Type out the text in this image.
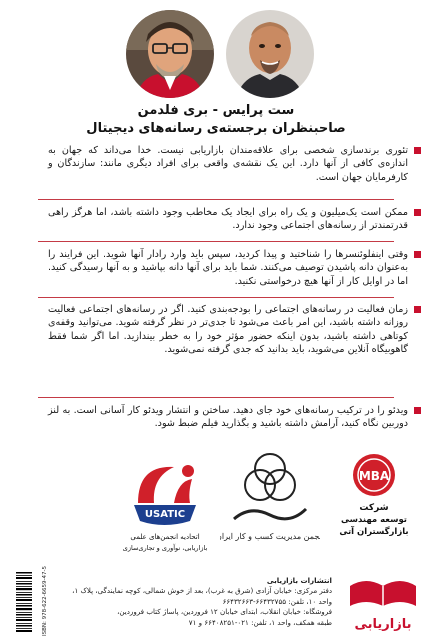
ست پرایس - بری فلدمن
صاحبنظران برجسته‌ی رسانه‌های دیجیتال
تئوری برندسازی شخصی برای علاقه‌مندان بازاریابی نیست. خدا می‌داند که جهان به اندازه‌ی کافی از آنها دارد. این یک نقشه‌ی واقعی برای افراد دیگری مانند: سازندگان و کارفرمایان جهان است.
ممکن است یک‌میلیون و یک راه برای ایجاد یک مخاطب وجود داشته باشد، اما هرگز راهی قدرتمندتر از رسانه‌های اجتماعی وجود ندارد.
وقتی اینفلوئنسرها را شناختید و پیدا کردید، سپس باید وارد رادار آنها شوید. این فرایند را به‌عنوان دانه پاشیدن توصیف می‌کنند. شما باید برای آنها دانه بپاشید و به آنها رسیدگی کنید. اما در اوایل کار از آنها هیچ درخواستی نکنید.
زمان فعالیت در رسانه‌های اجتماعی را بودجه‌بندی کنید. اگر در رسانه‌های اجتماعی فعالیت روزانه داشته باشید، این امر باعث می‌شود تا جدی‌تر در نظر گرفته شوید. می‌توانید وقفه‌ی کوتاهی داشته باشید، بدون اینکه حضور مؤثر خود را به خطر بیندازید. اما اگر شما فقط گاهوبیگاه آنلاین می‌شوید، باید بدانید که جدی گرفته نمی‌شوید.
ویدئو را در ترکیب رسانه‌های خود جای دهید. ساختن و انتشار ویدئو کار آسانی است. به لنز دوربین نگاه کنید، آرامش داشته باشید و بگذارید فیلم ضبط شود.
MBA
شرکت
توسعه مهندسی
بازارگستران آتی
انجمن مدیریت کسب و کار ایران
USATIC
اتحادیه انجمن‌های علمی
بازاریابی، نوآوری و تجاری‌سازی
ISBN: 978-622-6659-47-5	انتشارات بازاریابی
دفتر مرکزی: خیابان آزادی (شرق به غرب)، بعد از خوش شمالی، کوچه نمایندگی، پلاک ۱، واحد ۱۰، تلفن: ۶۶۴۳۲۷۵۵-۶۶۴۳۲۶۶۳
فروشگاه: خیابان انقلاب، ابتدای خیابان ۱۲ فروردین، پاساژ کتاب فروردین،
طبقه همکف، واحد ۱، تلفن: ۰۲۱-۶۶۴۰۸۲۵۱ و ۷۱ بازاریابی
